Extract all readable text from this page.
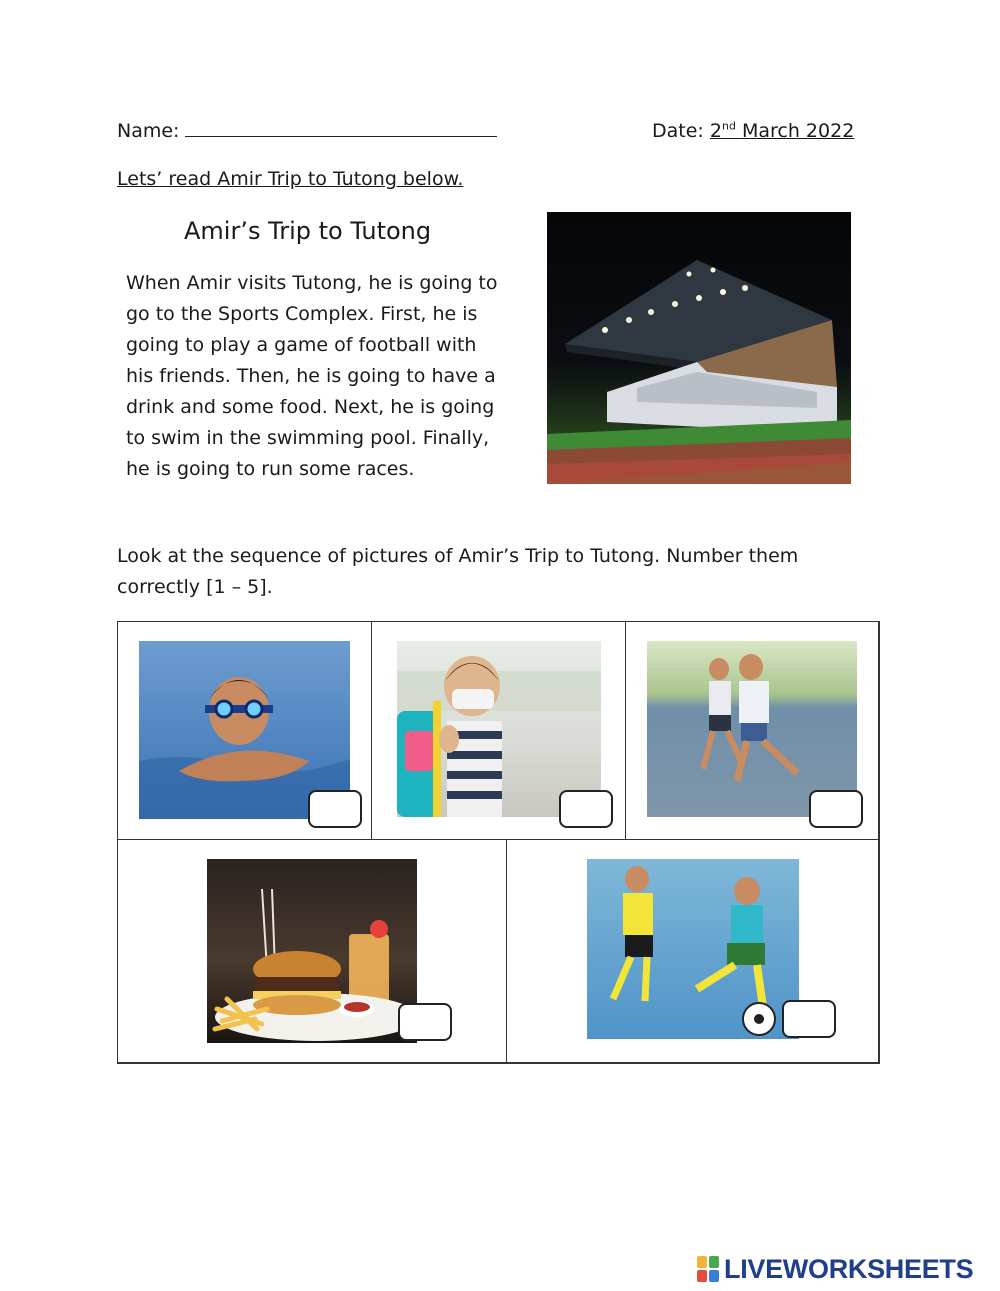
Name:	Date: 2nd March 2022
Lets’ read Amir Trip to Tutong below.
Amir’s Trip to Tutong
When Amir visits Tutong, he is going to
go to the Sports Complex. First, he is
going to play a game of football with
his friends. Then, he is going to have a
drink and some food. Next, he is going
to swim in the swimming pool. Finally,
he is going to run some races.
Look at the sequence of pictures of Amir’s Trip to Tutong. Number them
correctly [1 – 5].
LIVEWORKSHEETS
